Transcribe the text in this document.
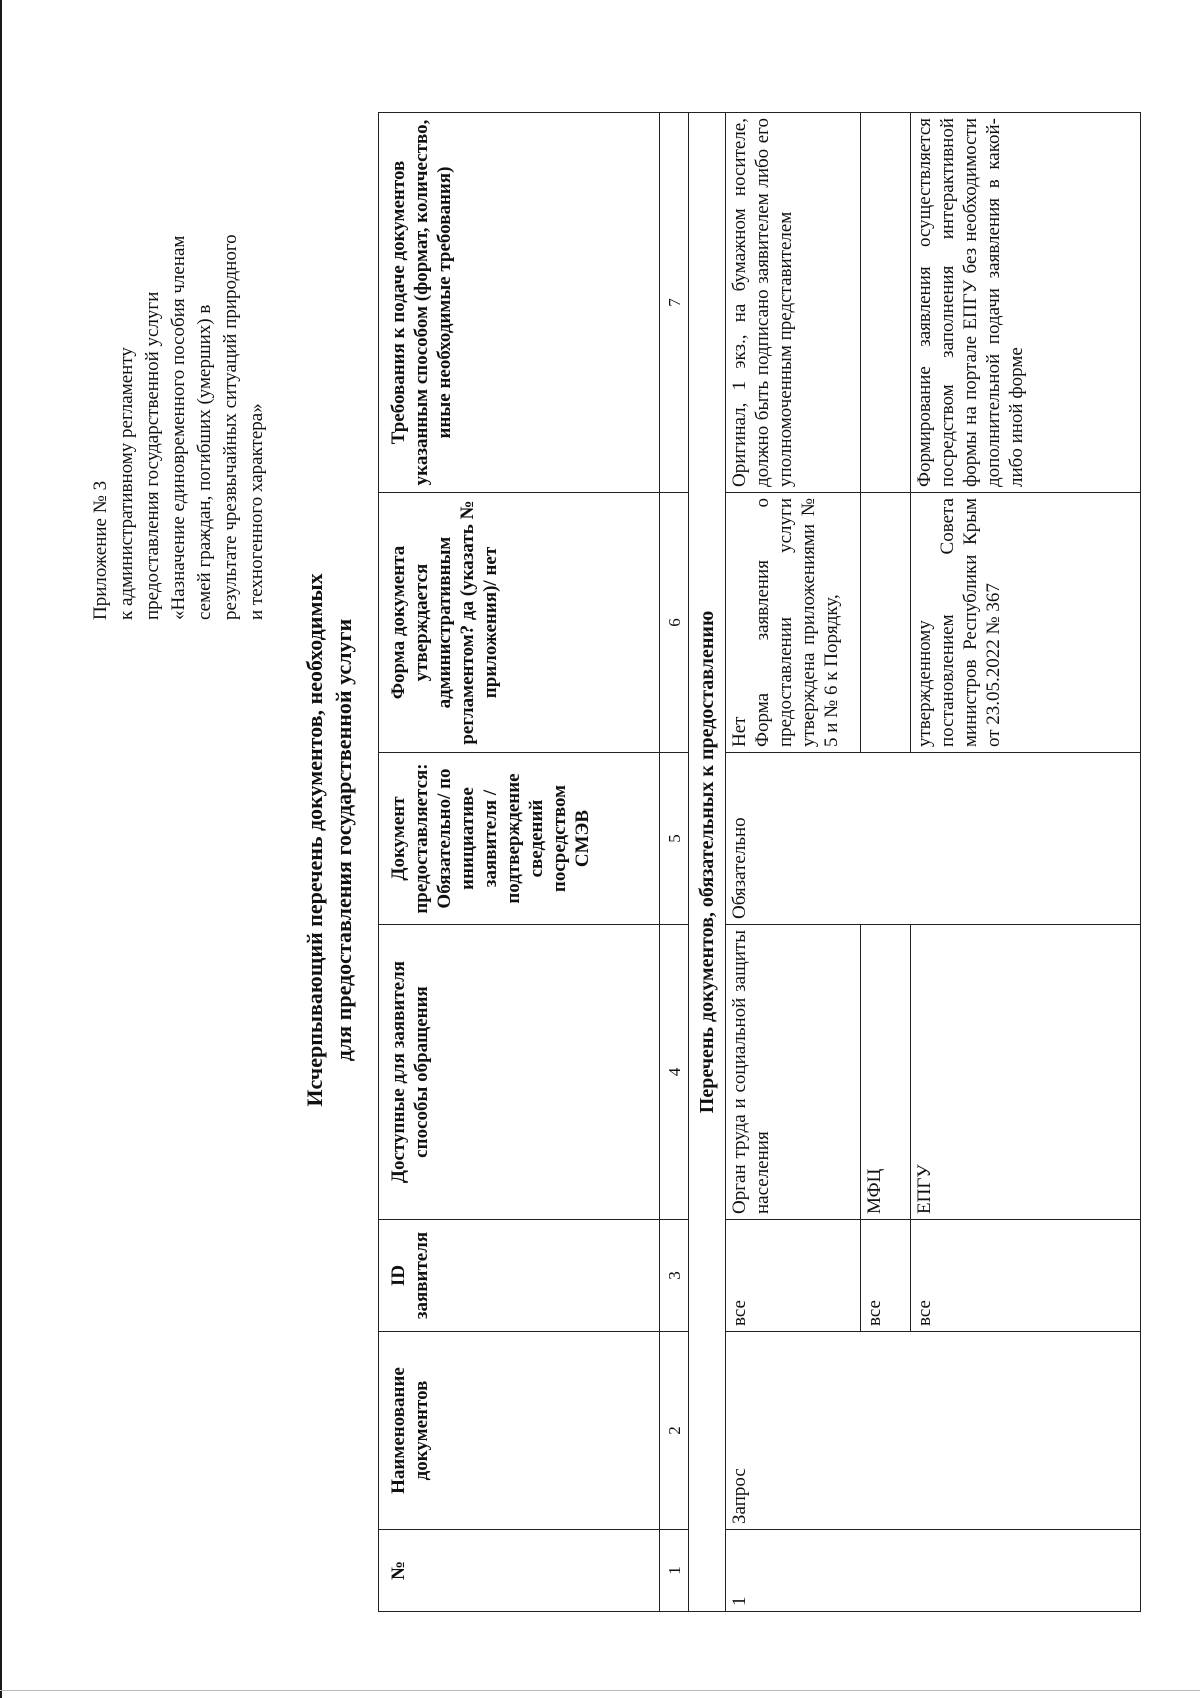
Приложение № 3 к административному регламенту предоставления государственной услуги «Назначение единовременного пособия членам семей граждан, погибших (умерших) в результате чрезвычайных ситуаций природного и техногенного характера»
Исчерпывающий перечень документов, необходимых для предоставления государственной услуги
№	Наименование документов	ID заявителя	Доступные для заявителя способы обращения	Документ предоставляется: Обязательно/ по инициативе заявителя /подтверждение сведений посредством СМЭВ	Форма документа утверждается административным регламентом? да (указать № приложения)/ нет	Требования к подаче документов указанным способом (формат, количество, иные необходимые требования)
1	2	3	4	5	6	7
Перечень документов, обязательных к предоставлению						
1	Запрос	все	Орган труда и социальной защиты населения	Обязательно	Нет Форма заявления о предоставлении услуги утверждена приложениями № 5 и № 6 к Порядку,	Оригинал, 1 экз., на бумажном носителе, должно быть подписано заявителем либо его уполномоченным представителем
		все	МФЦ			
		все	ЕПГУ		утвержденному постановлением Совета министров Республики Крым от 23.05.2022 № 367	Формирование заявления осуществляется посредством заполнения интерактивной формы на портале ЕПГУ без необходимости дополнительной подачи заявления в какой-либо иной форме
